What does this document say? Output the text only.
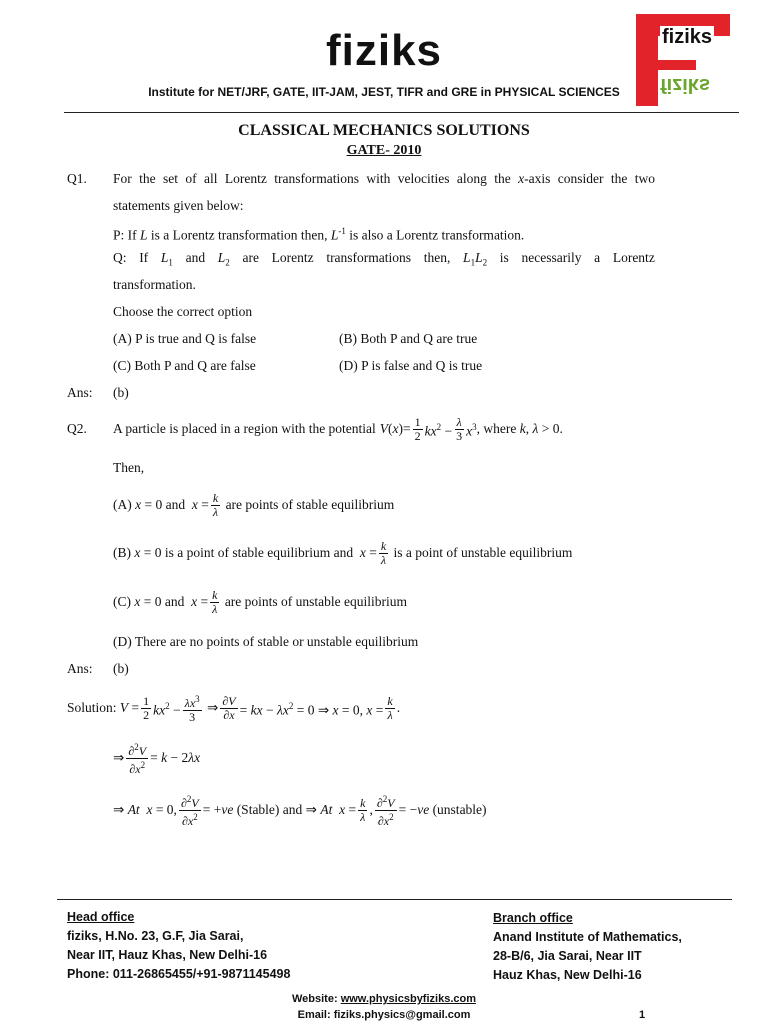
fiziks
Institute for NET/JRF, GATE, IIT-JAM, JEST, TIFR and GRE in PHYSICAL SCIENCES
fiziks
fiziks
CLASSICAL MECHANICS SOLUTIONS
GATE- 2010
Q1. For the set of all Lorentz transformations with velocities along the x-axis consider the two
statements given below:
P: If L is a Lorentz transformation then, $L^{-1}$ is also a Lorentz transformation.
Q: If $L_1$ and $L_2$ are Lorentz transformations then, $L_1L_2$ is necessarily a Lorentz
transformation.
Choose the correct option
(A) P is true and Q is false	(B) Both P and Q are true
(C) Both P and Q are false	(D) P is false and Q is true
Ans: (b)
Q2. A particle is placed in a region with the potential $V(x)= \frac{1}{2} kx^2 - \frac{\lambda}{3} x^3$ , where k, λ > 0.
Then,
(A) x = 0 and  $x = \frac{k}{\lambda}$ are points of stable equilibrium
(B) x = 0 is a point of stable equilibrium and  $x = \frac{k}{\lambda}$ is a point of unstable equilibrium
(C) x = 0 and  $x = \frac{k}{\lambda}$ are points of unstable equilibrium
(D) There are no points of stable or unstable equilibrium
Ans: (b)
Solution:
$V = \frac{1}{2} kx^2 - \frac{\lambda x^3}{3}$ ⇒ $\frac{\partial V}{\partial x}$ = kx − $\lambda x^2 = 0$ ⇒ x = 0, $x = \frac{k}{\lambda}$ .
⇒ $\frac{\partial^2V}{\partial x^2} = k - 2\lambda x$
⇒ At x = 0, $\frac{\partial^2V}{\partial x^2} = +ve$ (Stable) and ⇒ At $x = \frac{k}{\lambda}$ , $\frac{\partial^2V}{\partial x^2} = -ve$ (unstable)
Head office
fiziks, H.No. 23, G.F, Jia Sarai,
Near IIT, Hauz Khas, New Delhi-16
Phone: 011-26865455/+91-9871145498
Branch office
Anand Institute of Mathematics,
28-B/6, Jia Sarai, Near IIT
Hauz Khas, New Delhi-16
Website: www.physicsbyfiziks.com
Email: fiziks.physics@gmail.com	1
